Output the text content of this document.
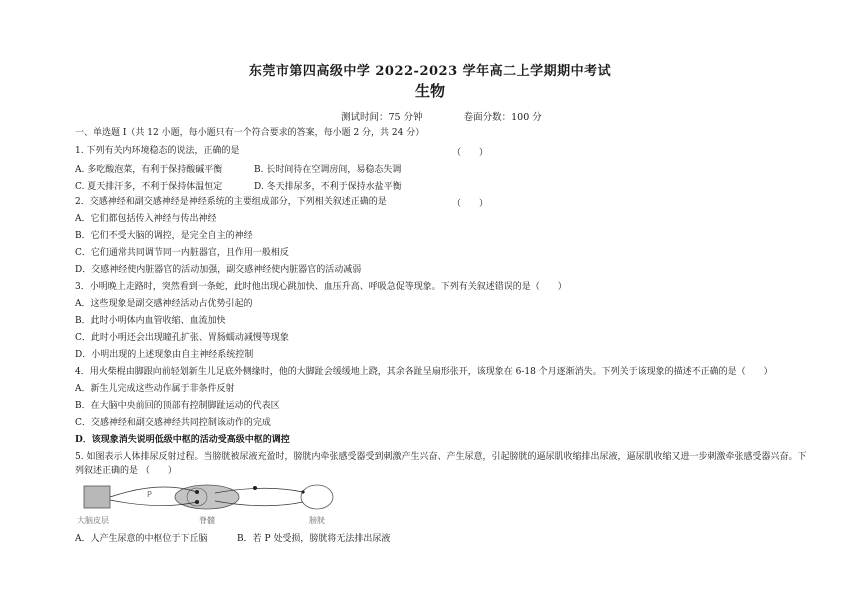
东莞市第四高级中学 2022-2023 学年高二上学期期中考试
生物
测试时间：75 分钟	卷面分数：100 分
一、单选题 I（共 12 小题，每小题只有一个符合要求的答案，每小题 2 分，共 24 分）
1. 下列有关内环境稳态的说法，正确的是	（　　）
A. 多吃酸泡菜，有利于保持酸碱平衡	B. 长时间待在空调房间，易稳态失调
C. 夏天排汗多，不利于保持体温恒定	D. 冬天排尿多，不利于保持水盐平衡
2．交感神经和副交感神经是神经系统的主要组成部分，下列相关叙述正确的是	（　　）
A．它们都包括传入神经与传出神经
B．它们不受大脑的调控，是完全自主的神经
C．它们通常共同调节同一内脏器官，且作用一般相反
D．交感神经使内脏器官的活动加强，副交感神经使内脏器官的活动减弱
3．小明晚上走路时，突然看到一条蛇，此时他出现心跳加快、血压升高、呼吸急促等现象。下列有关叙述错误的是（　　）
A．这些现象是副交感神经活动占优势引起的
B．此时小明体内血管收缩、血流加快
C．此时小明还会出现瞳孔扩张、胃肠蠕动减慢等现象
D．小明出现的上述现象由自主神经系统控制
4．用火柴棍由脚跟向前轻划新生儿足底外侧缘时，他的大脚趾会缓缓地上跷，其余各趾呈扇形张开，该现象在 6-18 个月逐渐消失。下列关于该现象的描述不正确的是（　　）
A．新生儿完成这些动作属于非条件反射
B．在大脑中央前回的顶部有控制脚趾运动的代表区
C．交感神经和副交感神经共同控制该动作的完成
D．该现象消失说明低级中枢的活动受高级中枢的调控
5. 如图表示人体排尿反射过程。当膀胱被尿液充盈时，膀胱内牵张感受器受到刺激产生兴奋、产生尿意，引起膀胱的逼尿肌收缩排出尿液，逼尿肌收缩又进一步刺激牵张感受器兴奋。下
列叙述正确的是 （　　）
P
大脑皮层	脊髓	膀胱
A．人产生尿意的中枢位于下丘脑	B．若 P 处受损，膀胱将无法排出尿液
